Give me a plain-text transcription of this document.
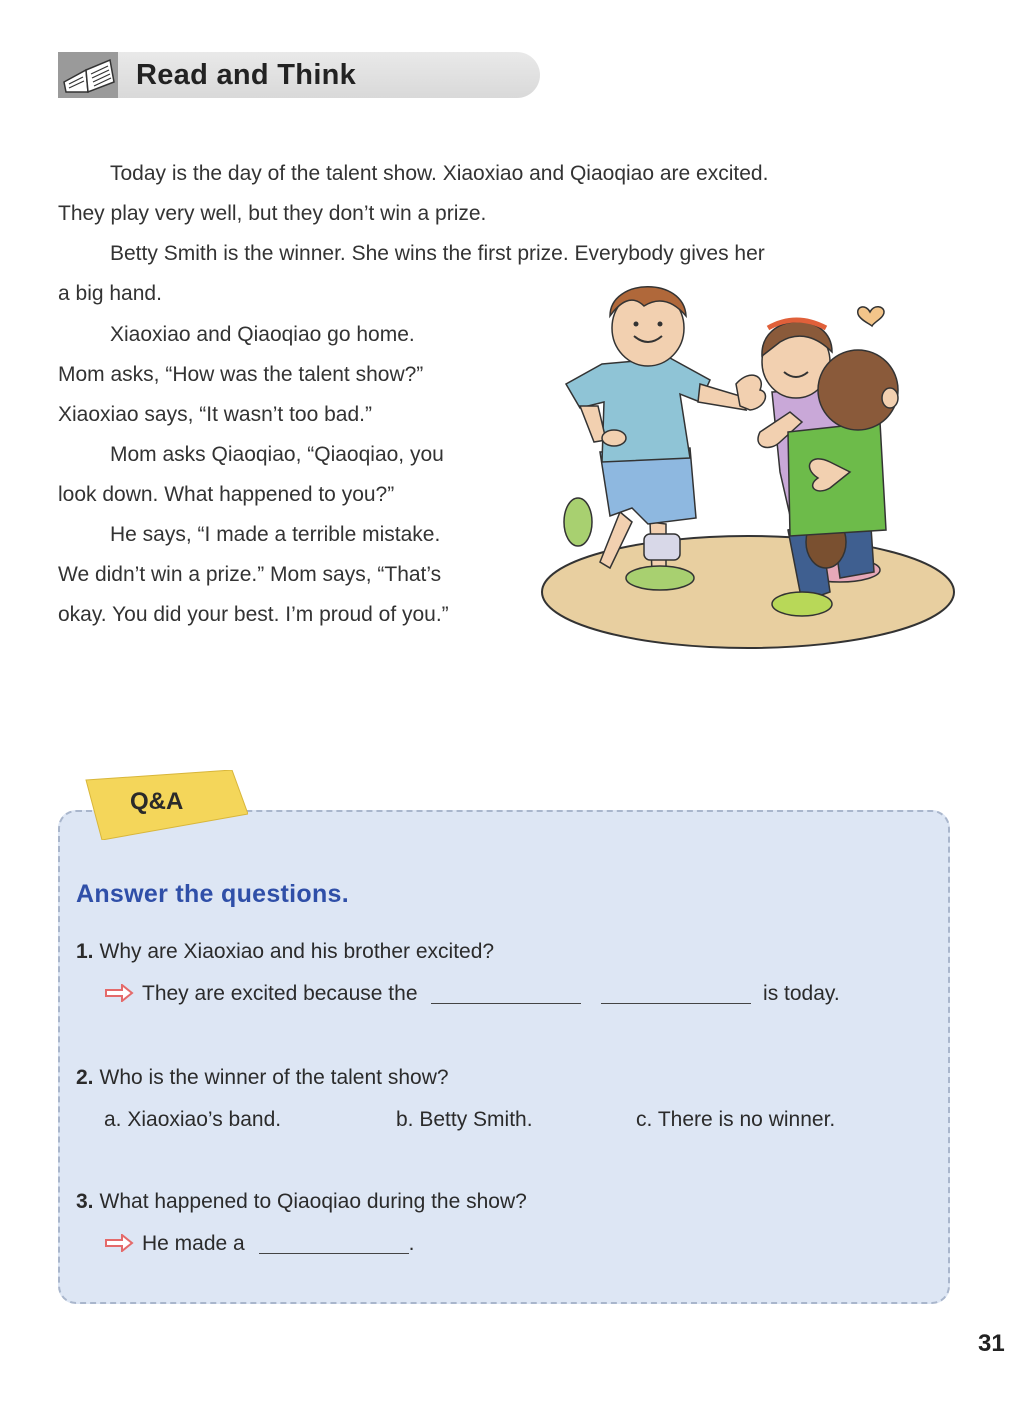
Read and Think
Today is the day of the talent show. Xiaoxiao and Qiaoqiao are excited.
They play very well, but they don’t win a prize.
Betty Smith is the winner. She wins the first prize. Everybody gives her
a big hand.
Xiaoxiao and Qiaoqiao go home.
Mom asks, “How was the talent show?”
Xiaoxiao says, “It wasn’t too bad.”
Mom asks Qiaoqiao, “Qiaoqiao, you
look down. What happened to you?”
He says, “I made a terrible mistake.
We didn’t win a prize.” Mom says, “That’s
okay. You did your best. I’m proud of you.”
Q&A
Answer the questions.
1. Why are Xiaoxiao and his brother excited?
They are excited because the	is today.
2. Who is the winner of the talent show?
a. Xiaoxiao’s band.	b. Betty Smith.	c. There is no winner.
3. What happened to Qiaoqiao during the show?
He made a	.
31
